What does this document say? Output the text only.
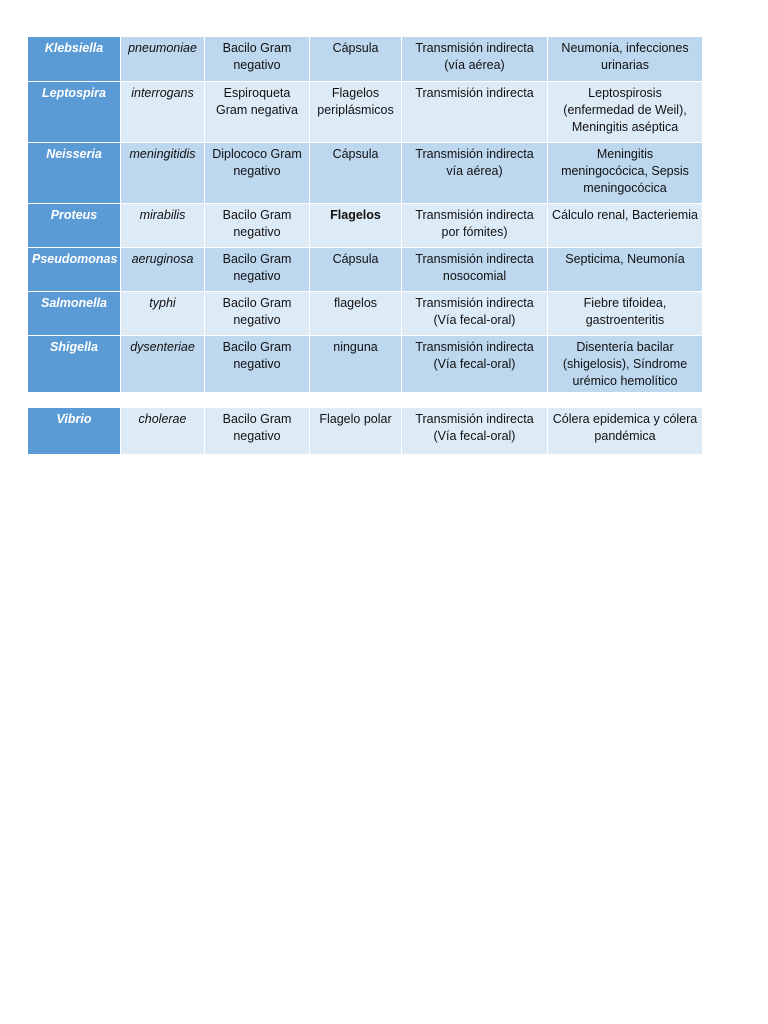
Klebsiella	pneumoniae	Bacilo Gram negativo	Cápsula	Transmisión indirecta (vía aérea)	Neumonía, infecciones urinarias
Leptospira	interrogans	Espiroqueta Gram negativa	Flagelos periplásmicos	Transmisión indirecta	Leptospirosis (enfermedad de Weil), Meningitis aséptica
Neisseria	meningitidis	Diplococo Gram negativo	Cápsula	Transmisión indirecta vía aérea)	Meningitis meningocócica, Sepsis meningocócica
Proteus	mirabilis	Bacilo Gram negativo	Flagelos	Transmisión indirecta por fómites)	Cálculo renal, Bacteriemia
Pseudomonas	aeruginosa	Bacilo Gram negativo	Cápsula	Transmisión indirecta nosocomial	Septicima, Neumonía
Salmonella	typhi	Bacilo Gram negativo	flagelos	Transmisión indirecta (Vía fecal-oral)	Fiebre tifoidea, gastroenteritis
Shigella	dysenteriae	Bacilo Gram negativo	ninguna	Transmisión indirecta (Vía fecal-oral)	Disentería bacilar (shigelosis), Síndrome urémico hemolítico
Vibrio	cholerae	Bacilo Gram negativo	Flagelo polar	Transmisión indirecta (Vía fecal-oral)	Cólera epidemica y cólera pandémica
